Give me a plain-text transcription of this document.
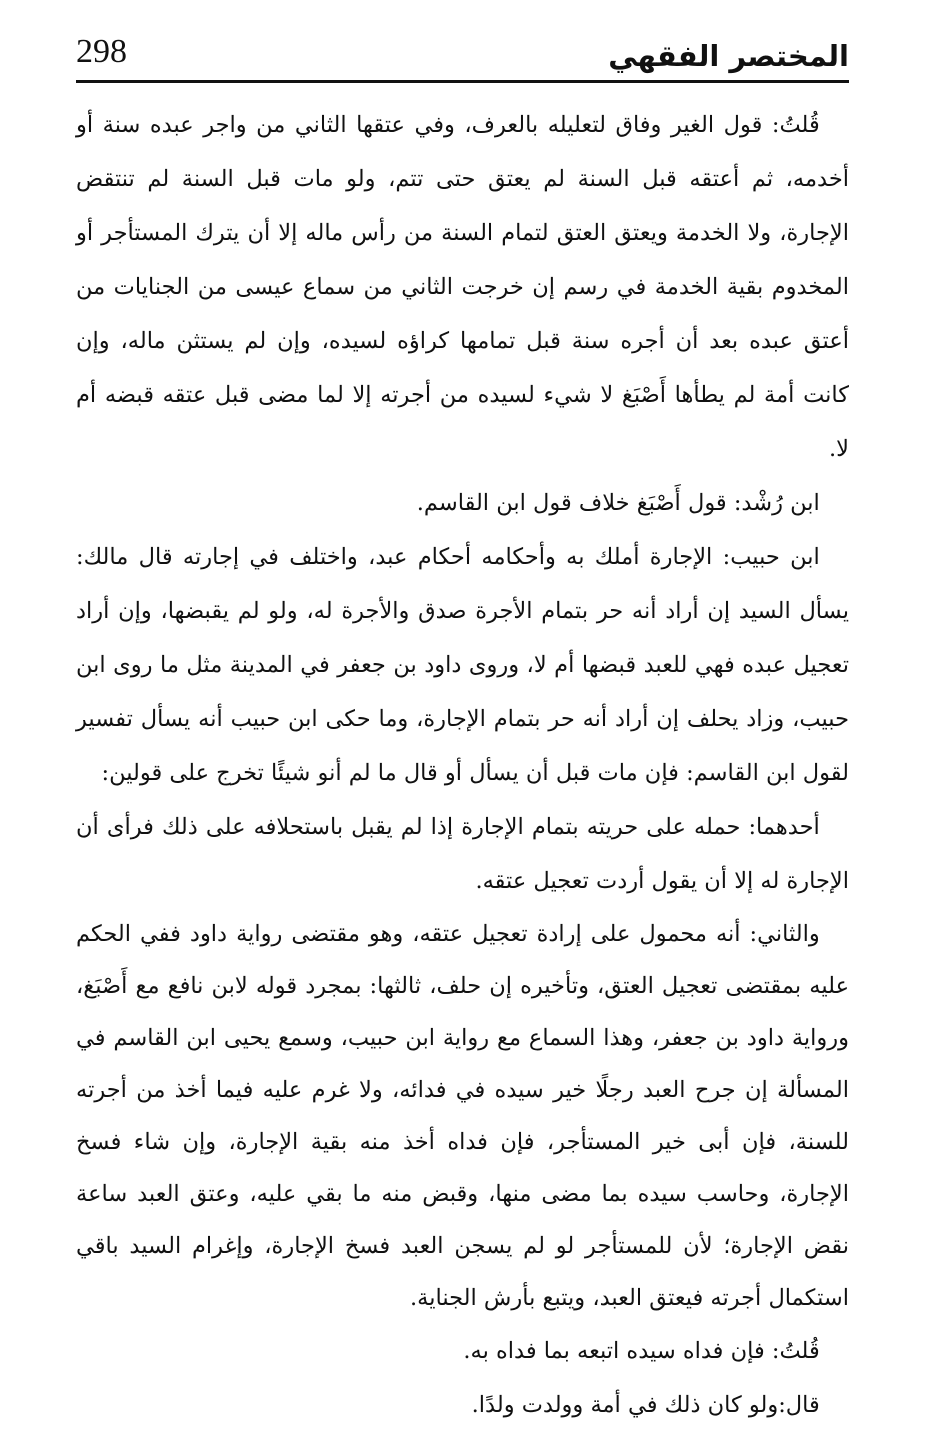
المختصر الفقهي
298

قُلتُ: قول الغير وفاق لتعليله بالعرف، وفي عتقها الثاني من واجر عبده سنة أو أخدمه، ثم أعتقه قبل السنة لم يعتق حتى تتم، ولو مات قبل السنة لم تنتقض الإجارة، ولا الخدمة ويعتق العتق لتمام السنة من رأس ماله إلا أن يترك المستأجر أو المخدوم بقية الخدمة في رسم إن خرجت الثاني من سماع عيسى من الجنايات من أعتق عبده بعد أن أجره سنة قبل تمامها كراؤه لسيده، وإن لم يستثن ماله، وإن كانت أمة لم يطأها أَصْبَغ لا شيء لسيده من أجرته إلا لما مضى قبل عتقه قبضه أم لا.

ابن رُشْد: قول أَصْبَغ خلاف قول ابن القاسم.

ابن حبيب: الإجارة أملك به وأحكامه أحكام عبد، واختلف في إجارته قال مالك: يسأل السيد إن أراد أنه حر بتمام الأجرة صدق والأجرة له، ولو لم يقبضها، وإن أراد تعجيل عبده فهي للعبد قبضها أم لا، وروى داود بن جعفر في المدينة مثل ما روى ابن حبيب، وزاد يحلف إن أراد أنه حر بتمام الإجارة، وما حكى ابن حبيب أنه يسأل تفسير لقول ابن القاسم: فإن مات قبل أن يسأل أو قال ما لم أنو شيئًا تخرج على قولين:

أحدهما: حمله على حريته بتمام الإجارة إذا لم يقبل باستحلافه على ذلك فرأى أن الإجارة له إلا أن يقول أردت تعجيل عتقه.

والثاني: أنه محمول على إرادة تعجيل عتقه، وهو مقتضى رواية داود ففي الحكم عليه بمقتضى تعجيل العتق، وتأخيره إن حلف، ثالثها: بمجرد قوله لابن نافع مع أَصْبَغ، ورواية داود بن جعفر، وهذا السماع مع رواية ابن حبيب، وسمع يحيى ابن القاسم في المسألة إن جرح العبد رجلًا خير سيده في فدائه، ولا غرم عليه فيما أخذ من أجرته للسنة، فإن أبى خير المستأجر، فإن فداه أخذ منه بقية الإجارة، وإن شاء فسخ الإجارة، وحاسب سيده بما مضى منها، وقبض منه ما بقي عليه، وعتق العبد ساعة نقض الإجارة؛ لأن للمستأجر لو لم يسجن العبد فسخ الإجارة، وإغرام السيد باقي استكمال أجرته فيعتق العبد، ويتبع بأرش الجناية.

قُلتُ: فإن فداه سيده اتبعه بما فداه به.

قال:ولو كان ذلك في أمة وولدت ولدًا.
